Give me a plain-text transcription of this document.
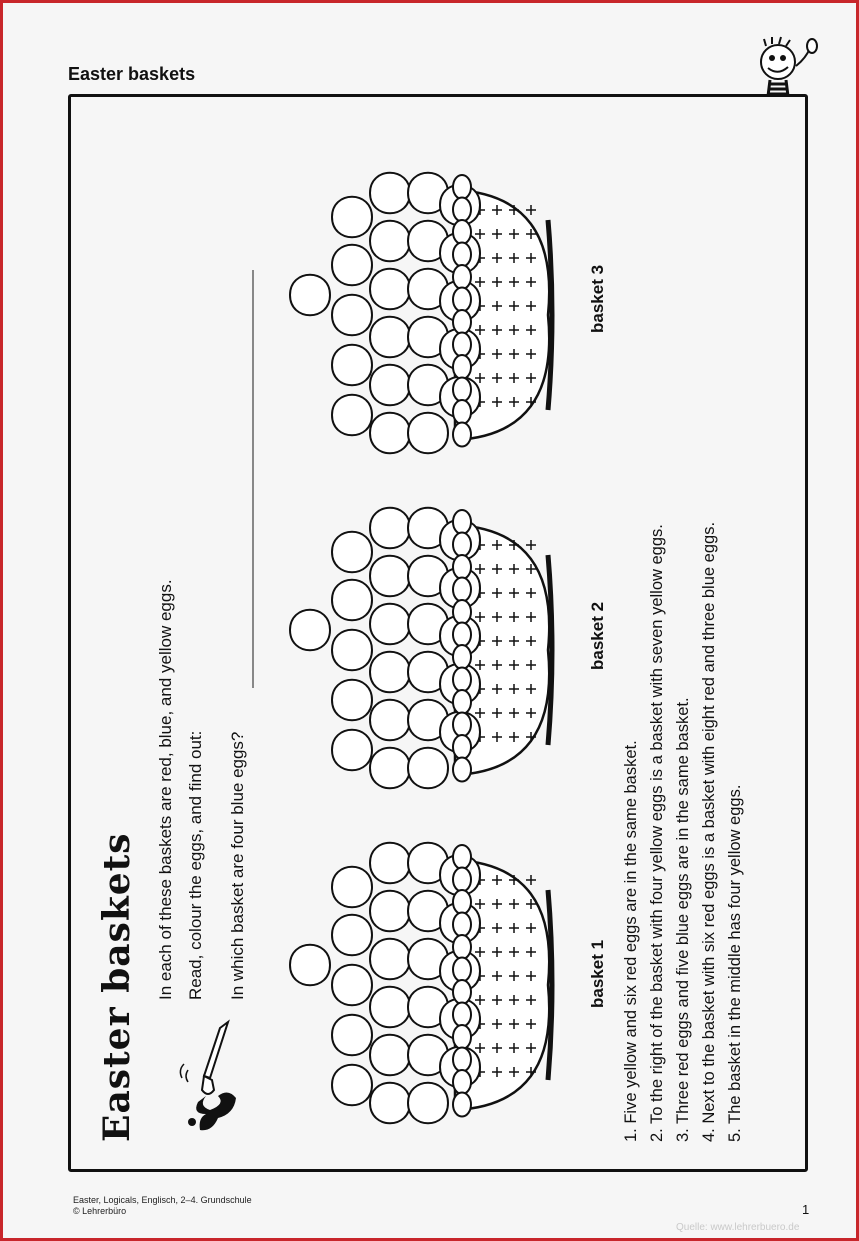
Easter baskets
Easter baskets In each of these baskets are red, blue, and yellow eggs. Read, colour the eggs, and find out: In which basket are four blue eggs?	basket 1
basket 2
basket 3
1. Five yellow and six red eggs are in the same basket. 2. To the right of the basket with four yellow eggs is a basket with seven yellow eggs. 3. Three red eggs and five blue eggs are in the same basket. 4. Next to the basket with six red eggs is a basket with eight red and three blue eggs. 5. The basket in the middle has four yellow eggs.
Easter, Logicals, Englisch, 2–4. Grundschule
© Lehrerbüro	1
Quelle: www.lehrerbuero.de
